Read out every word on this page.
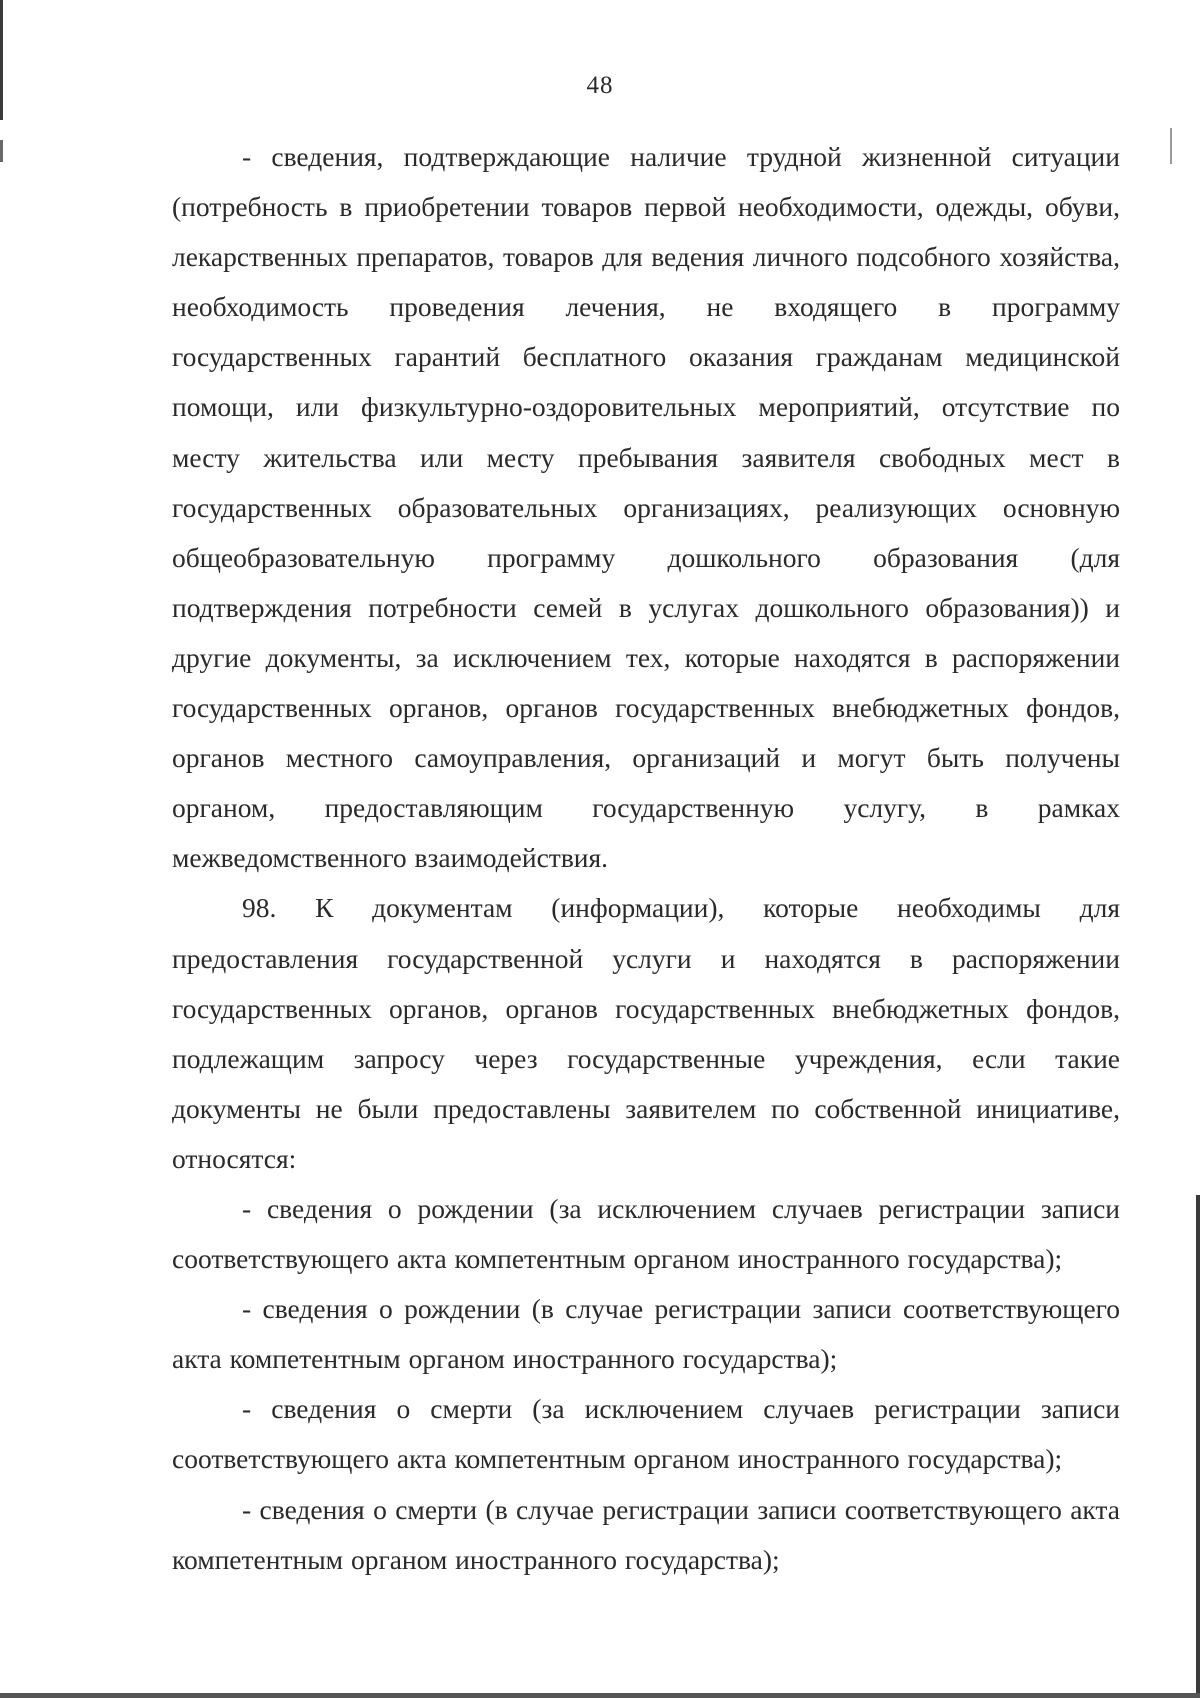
48

- сведения, подтверждающие наличие трудной жизненной ситуации (потребность в приобретении товаров первой необходимости, одежды, обуви, лекарственных препаратов, товаров для ведения личного подсобного хозяйства, необходимость проведения лечения, не входящего в программу государственных гарантий бесплатного оказания гражданам медицинской помощи, или физкультурно-оздоровительных мероприятий, отсутствие по месту жительства или месту пребывания заявителя свободных мест в государственных образовательных организациях, реализующих основную общеобразовательную программу дошкольного образования (для подтверждения потребности семей в услугах дошкольного образования)) и другие документы, за исключением тех, которые находятся в распоряжении государственных органов, органов государственных внебюджетных фондов, органов местного самоуправления, организаций и могут быть получены органом, предоставляющим государственную услугу, в рамках межведомственного взаимодействия.

98. К документам (информации), которые необходимы для предоставления государственной услуги и находятся в распоряжении государственных органов, органов государственных внебюджетных фондов, подлежащим запросу через государственные учреждения, если такие документы не были предоставлены заявителем по собственной инициативе, относятся:

- сведения о рождении (за исключением случаев регистрации записи соответствующего акта компетентным органом иностранного государства);

- сведения о рождении (в случае регистрации записи соответствующего акта компетентным органом иностранного государства);

- сведения о смерти (за исключением случаев регистрации записи соответствующего акта компетентным органом иностранного государства);

- сведения о смерти (в случае регистрации записи соответствующего акта компетентным органом иностранного государства);
